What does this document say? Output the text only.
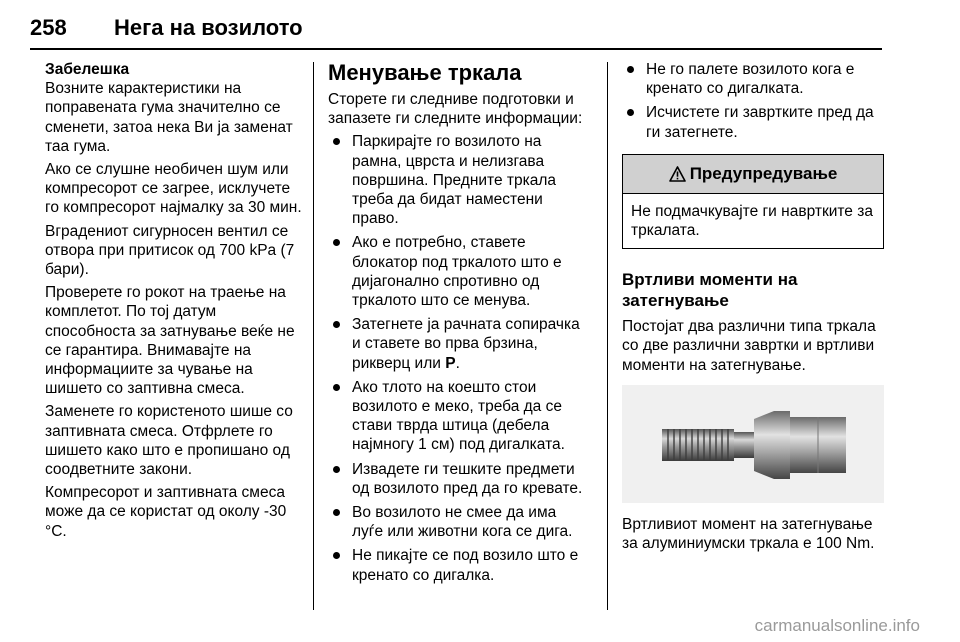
258 Нега на возилото

Забелешка

Возните карактеристики на поправената гума значително се сменети, затоа нека Ви ја заменат таа гума.

Ако се слушне необичен шум или компресорот се загрее, исклучете го компресорот најмалку за 30 мин.

Вградениот сигурносен вентил се отвора при притисок од 700 kPa (7 бари).

Проверете го рокот на траење на комплетот. По тој датум способноста за затнување веќе не се гарантира. Внимавајте на информациите за чување на шишето со заптивна смеса.

Заменете го користеното шише со заптивната смеса. Отфрлете го шишето како што е пропишано од соодветните закони.

Компресорот и заптивната смеса може да се користат од околу -30 °C.

Менување тркала

Сторете ги следниве подготовки и запазете ги следните информации:

Паркирајте го возилото на рамна, цврста и нелизгава површина. Предните тркала треба да бидат наместени право.
Ако е потребно, ставете блокатор под тркалото што е дијагонално спротивно од тркалото што се менува.
Затегнете ја рачната сопирачка и ставете во прва брзина, рикверц или P.
Ако тлото на коешто стои возилото е меко, треба да се стави тврда штица (дебела најмногу 1 см) под дигалката.
Извадете ги тешките предмети од возилото пред да го кревате.
Во возилото не смее да има луѓе или животни кога се дига.
Не пикајте се под возило што е кренато со дигалка.
Не го палете возилото кога е кренато со дигалката.
Исчистете ги завртките пред да ги затегнете.
Предупредување
Не подмачкувајте ги навртките за тркалата.
Вртливи моменти на затегнување

Постојат два различни типа тркала со две различни завртки и вртливи моменти на затегнување.

Вртливиот момент на затегнување за алуминиумски тркала е 100 Nm.

carmanualsonline.info
